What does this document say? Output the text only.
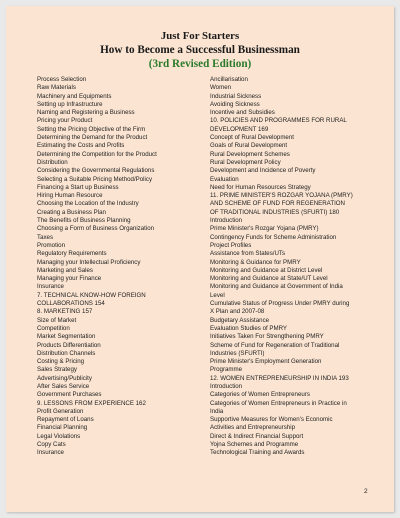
Just For Starters
How to Become a Successful Businessman
(3rd Revised Edition)
Process Selection
Raw Materials
Machinery and Equipments
Setting up Infrastructure
Naming and Registering a Business
Pricing your Product
Setting the Pricing Objective of the Firm
Determining the Demand for the Product
Estimating the Costs and Profits
Determining the Competition for the Product
Distribution
Considering the Governmental Regulations
Selecting a Suitable Pricing Method/Policy
Financing a Start up Business
Hiring Human Resource
Choosing the Location of the Industry
Creating a Business Plan
The Benefits of Business Planning
Choosing a Form of Business Organization
Taxes
Promotion
Regulatory Requirements
Managing your Intellectual Proficiency
Marketing and Sales
Managing your Finance
Insurance
7. TECHNICAL KNOW-HOW FOREIGN
COLLABORATIONS 154
8. MARKETING 157
Size of Market
Competition
Market Segmentation
Products Differentiation
Distribution Channels
Costing & Pricing
Sales Strategy
Advertising/Publicity
After Sales Service
Government Purchases
9. LESSONS FROM EXPERIENCE 162
Profit Generation
Repayment of Loans
Financial Planning
Legal Violations
Copy Cats
Insurance
Ancillarisation
Women
Industrial Sickness
Avoiding Sickness
Incentive and Subsidies
10. POLICIES AND PROGRAMMES FOR RURAL
DEVELOPMENT 169
Concept of Rural Development
Goals of Rural Development
Rural Development Schemes
Rural Development Policy
Development and Incidence of Poverty
Evaluation
Need for Human Resources Strategy
11. PRIME MINISTER'S ROZGAR YOJANA (PMRY)
AND SCHEME OF FUND FOR REGENERATION
OF TRADITIONAL INDUSTRIES (SFURTI) 180
Introduction
Prime Minister's Rozgar Yojana (PMRY)
Contingency Funds for Scheme Administration
Project Profiles
Assistance from States/UTs
Monitoring & Guidance for PMRY
Monitoring and Guidance at District Level
Monitoring and Guidance at State/UT Level
Monitoring and Guidance at Government of India
Level
Cumulative Status of Progress Under PMRY during
X Plan and 2007-08
Budgetary Assistance
Evaluation Studies of PMRY
Initiatives Taken For Strengthening PMRY
Scheme of Fund for Regeneration of Traditional
Industries (SFURTI)
Prime Minister's Employment Generation
Programme
12. WOMEN ENTREPRENEURSHIP IN INDIA 193
Introduction
Categories of Women Entrepreneurs
Categories of Women Entrepreneurs in Practice in
India
Supportive Measures for Women's Economic
Activities and Entrepreneurship
Direct & Indirect Financial Support
Yojna Schemes and Programme
Technological Training and Awards
2
